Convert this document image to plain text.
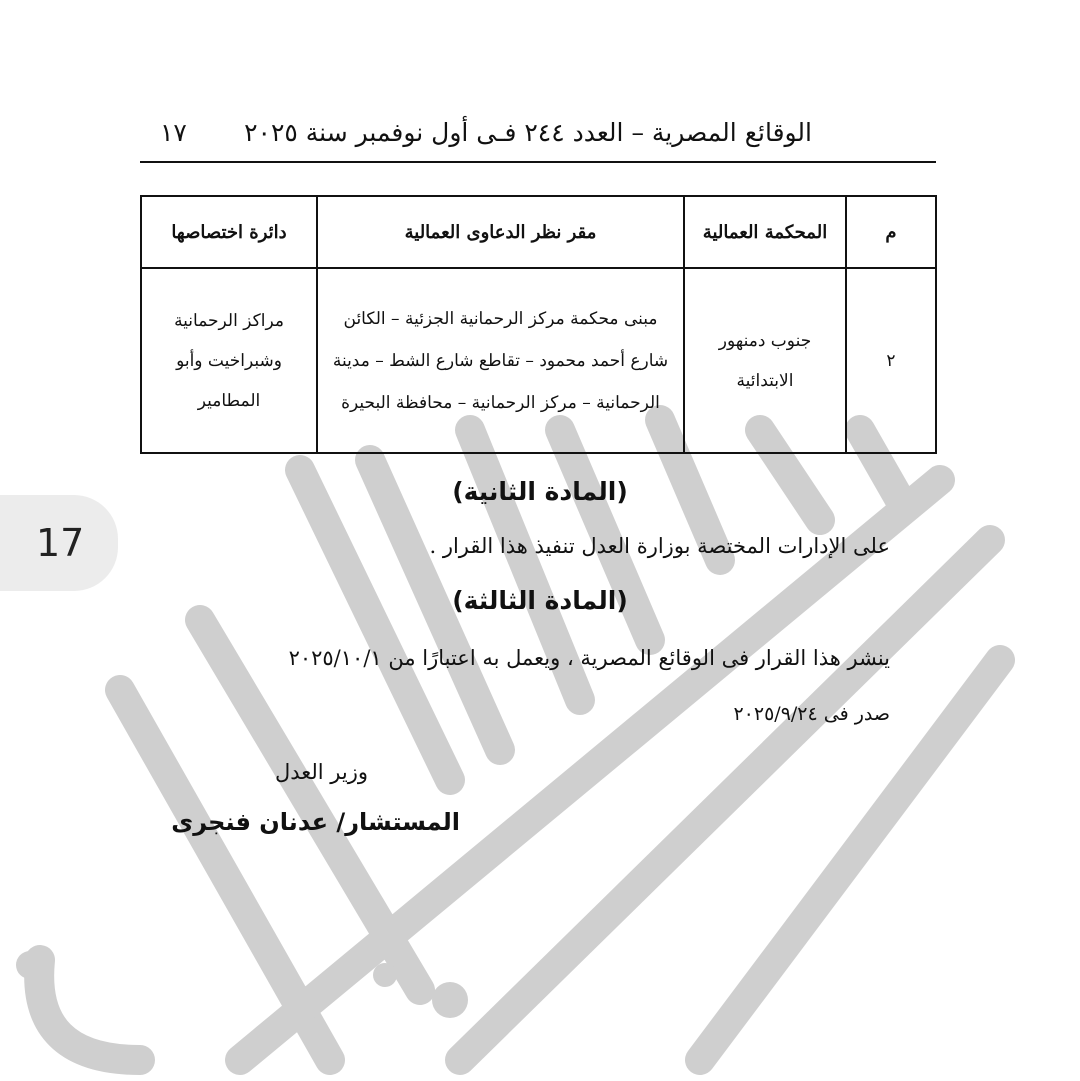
الوقائع المصرية – العدد ٢٤٤ فـى أول نوفمبر سنة ٢٠٢٥
١٧
م	المحكمة العمالية	مقر نظر الدعاوى العمالية	دائرة اختصاصها
٢	جنوب دمنهور الابتدائية	مبنى محكمة مركز الرحمانية الجزئية – الكائن شارع أحمد محمود – تقاطع شارع الشط – مدينة الرحمانية – مركز الرحمانية – محافظة البحيرة	مراكز الرحمانية وشبراخيت وأبو المطامير
(المادة الثانية)
على الإدارات المختصة بوزارة العدل تنفيذ هذا القرار .
(المادة الثالثة)
ينشر هذا القرار فى الوقائع المصرية ، ويعمل به اعتبارًا من ٢٠٢٥/١٠/١
صدر فى ٢٠٢٥/٩/٢٤
وزير العدل
المستشار/ عدنان فنجرى
17
